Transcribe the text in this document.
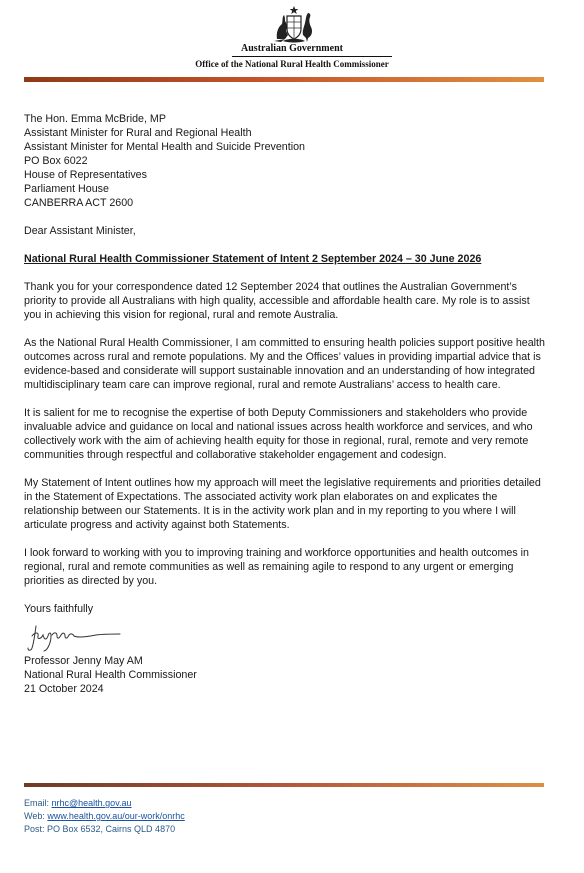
Australian Government
Office of the National Rural Health Commissioner
The Hon. Emma McBride, MP
Assistant Minister for Rural and Regional Health
Assistant Minister for Mental Health and Suicide Prevention
PO Box 6022
House of Representatives
Parliament House
CANBERRA ACT 2600
Dear Assistant Minister,
National Rural Health Commissioner Statement of Intent 2 September 2024 – 30 June 2026
Thank you for your correspondence dated 12 September 2024 that outlines the Australian Government’s priority to provide all Australians with high quality, accessible and affordable health care. My role is to assist you in achieving this vision for regional, rural and remote Australia.
As the National Rural Health Commissioner, I am committed to ensuring health policies support positive health outcomes across rural and remote populations. My and the Offices’ values in providing impartial advice that is evidence-based and considerate will support sustainable innovation and an understanding of how integrated multidisciplinary team care can improve regional, rural and remote Australians’ access to health care.
It is salient for me to recognise the expertise of both Deputy Commissioners and stakeholders who provide invaluable advice and guidance on local and national issues across health workforce and services, and who collectively work with the aim of achieving health equity for those in regional, rural, remote and very remote communities through respectful and collaborative stakeholder engagement and codesign.
My Statement of Intent outlines how my approach will meet the legislative requirements and priorities detailed in the Statement of Expectations. The associated activity work plan elaborates on and explicates the relationship between our Statements. It is in the activity work plan and in my reporting to you where I will articulate progress and activity against both Statements.
I look forward to working with you to improving training and workforce opportunities and health outcomes in regional, rural and remote communities as well as remaining agile to respond to any urgent or emerging priorities as directed by you.
Yours faithfully
Professor Jenny May AM
National Rural Health Commissioner
21 October 2024
Email: nrhc@health.gov.au
Web: www.health.gov.au/our-work/onrhc
Post: PO Box 6532, Cairns QLD 4870
